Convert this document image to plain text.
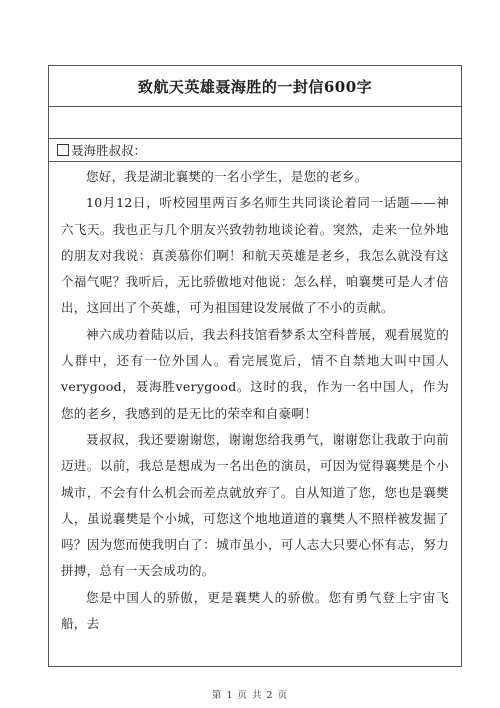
致航天英雄聂海胜的一封信600字
聂海胜叔叔：

您好，我是湖北襄樊的一名小学生，是您的老乡。

10月12日，听校园里两百多名师生共同谈论着同一话题——神六飞天。我也正与几个朋友兴致勃勃地谈论着。突然，走来一位外地的朋友对我说：真羡慕你们啊！和航天英雄是老乡，我怎么就没有这个福气呢？我听后，无比骄傲地对他说：怎么样，咱襄樊可是人才倍出，这回出了个英雄，可为祖国建设发展做了不小的贡献。

神六成功着陆以后，我去科技馆看梦系太空科普展，观看展览的人群中，还有一位外国人。看完展览后，情不自禁地大叫中国人verygood，聂海胜verygood。这时的我，作为一名中国人，作为您的老乡，我感到的是无比的荣幸和自豪啊！

聂叔叔，我还要谢谢您，谢谢您给我勇气，谢谢您让我敢于向前迈进。以前，我总是想成为一名出色的演员，可因为觉得襄樊是个小城市，不会有什么机会而差点就放弃了。自从知道了您，您也是襄樊人，虽说襄樊是个小城，可您这个地地道道的襄樊人不照样被发掘了吗？因为您而使我明白了：城市虽小，可人志大只要心怀有志，努力拼搏，总有一天会成功的。

您是中国人的骄傲，更是襄樊人的骄傲。您有勇气登上宇宙飞船，去

第 1 页 共 2 页
